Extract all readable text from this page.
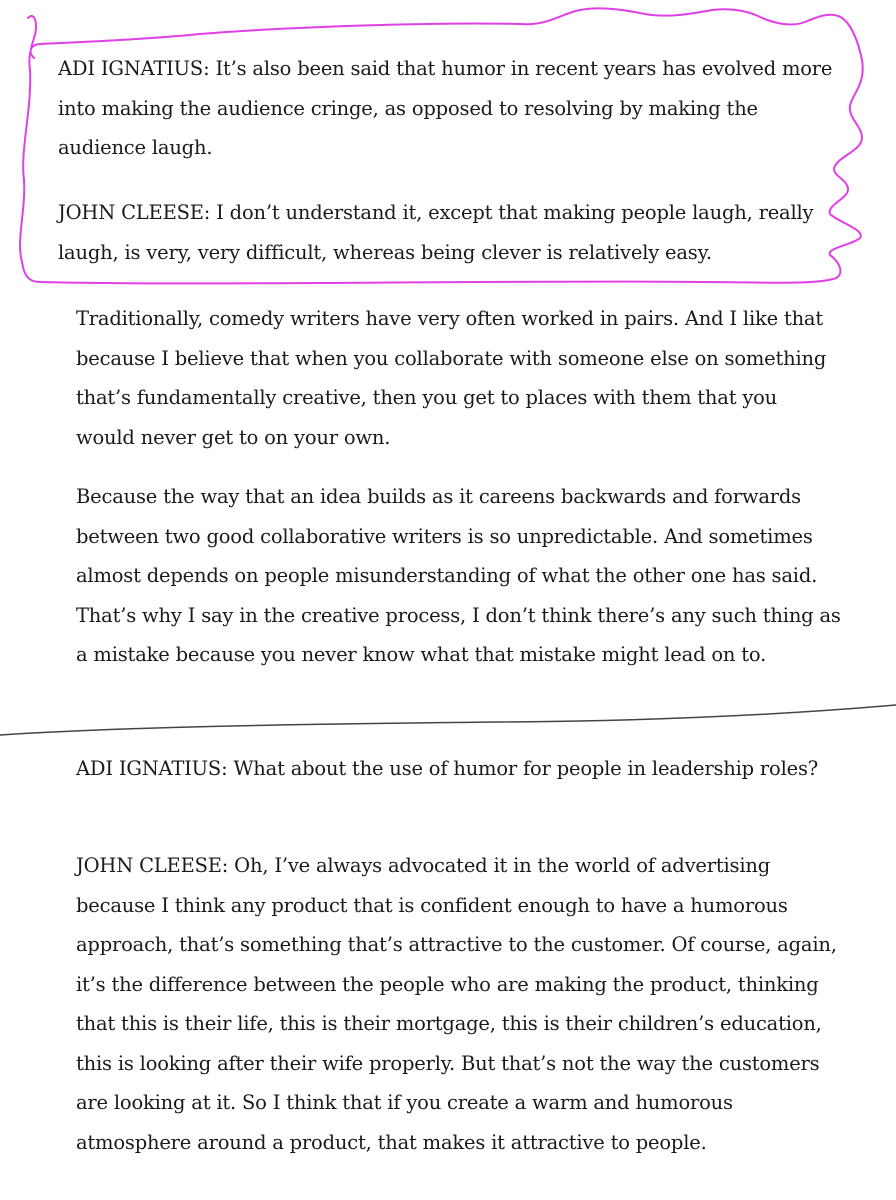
ADI IGNATIUS: It’s also been said that humor in recent years has evolved more into making the audience cringe, as opposed to resolving by making the audience laugh.

JOHN CLEESE: I don’t understand it, except that making people laugh, really laugh, is very, very difficult, whereas being clever is relatively easy.

Traditionally, comedy writers have very often worked in pairs. And I like that because I believe that when you collaborate with someone else on something that’s fundamentally creative, then you get to places with them that you would never get to on your own.

Because the way that an idea builds as it careens backwards and forwards between two good collaborative writers is so unpredictable. And sometimes almost depends on people misunderstanding of what the other one has said. That’s why I say in the creative process, I don’t think there’s any such thing as a mistake because you never know what that mistake might lead on to.

ADI IGNATIUS: What about the use of humor for people in leadership roles?

JOHN CLEESE: Oh, I’ve always advocated it in the world of advertising because I think any product that is confident enough to have a humorous approach, that’s something that’s attractive to the customer. Of course, again, it’s the difference between the people who are making the product, thinking that this is their life, this is their mortgage, this is their children’s education, this is looking after their wife properly. But that’s not the way the customers are looking at it. So I think that if you create a warm and humorous atmosphere around a product, that makes it attractive to people.
